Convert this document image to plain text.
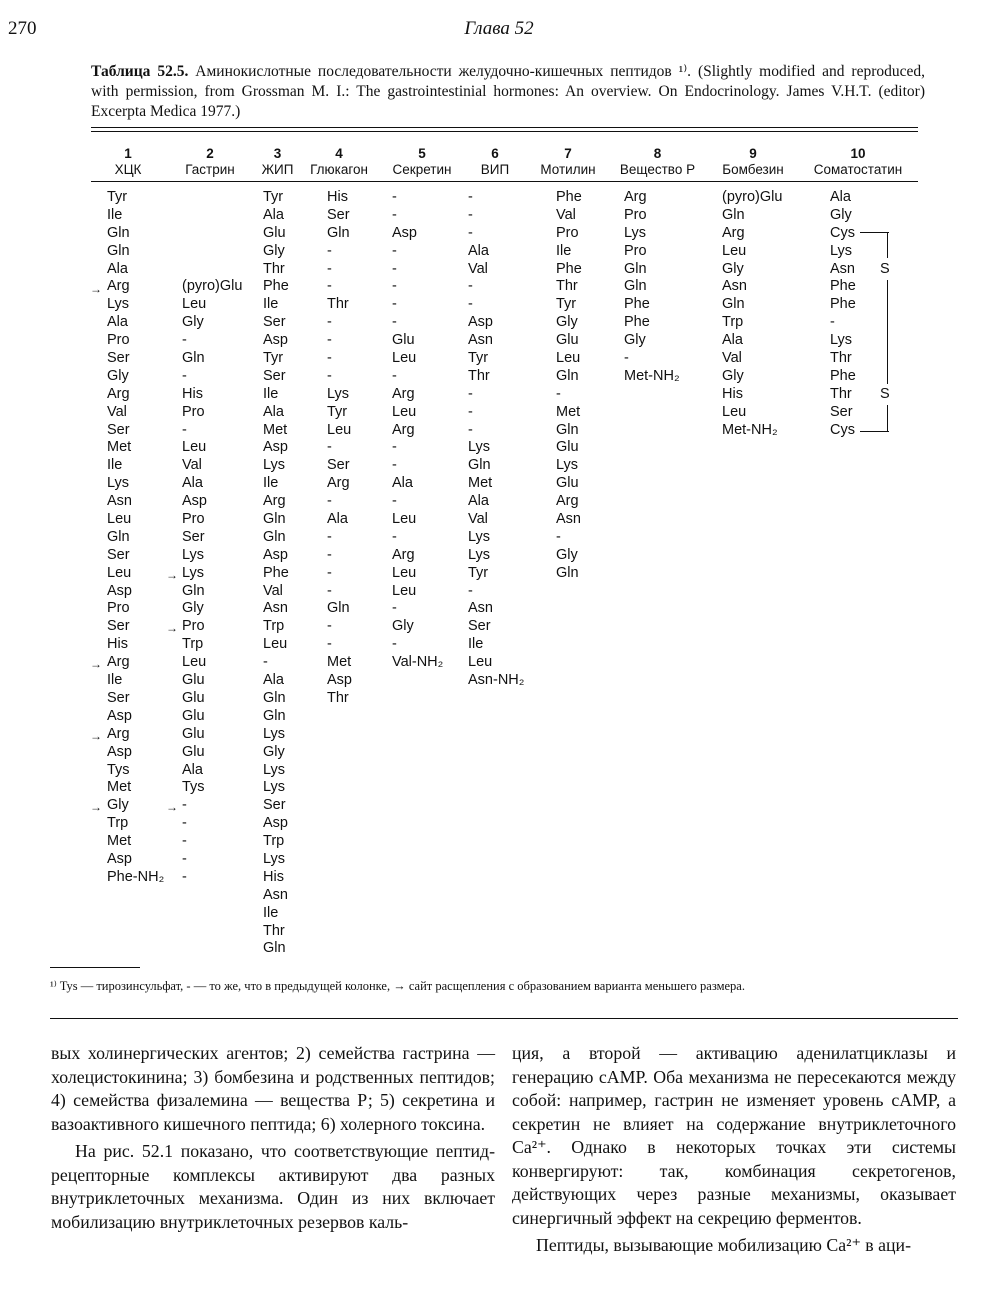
270	Глава 52
Таблица 52.5. Аминокислотные последовательности желудочно-кишечных пептидов ¹⁾. (Slightly modified and reproduced, with permission, from Grossman M. I.: The gastrointestinial hormones: An overview. On Endocrinology. James V.H.T. (editor) Excerpta Medica 1977.)
1
ХЦК
2
Гастрин
3
ЖИП
4
Глюкагон
5
Секретин
6
ВИП
7
Мотилин
8
Вещество Р
9
Бомбезин
10
Соматостатин
Tyr
Ile
Gln
Gln
Ala
Arg
Lys
Ala
Pro
Ser
Gly
Arg
Val
Ser
Met
Ile
Lys
Asn
Leu
Gln
Ser
Leu
Asp
Pro
Ser
His
Arg
Ile
Ser
Asp
Arg
Asp
Tys
Met
Gly
Trp
Met
Asp
Phe-NH₂
(pyro)Glu
Leu
Gly
-
Gln
-
His
Pro
-
Leu
Val
Ala
Asp
Pro
Ser
Lys
Lys
Gln
Gly
Pro
Trp
Leu
Glu
Glu
Glu
Glu
Glu
Ala
Tys
-
-
-
-
-
Tyr
Ala
Glu
Gly
Thr
Phe
Ile
Ser
Asp
Tyr
Ser
Ile
Ala
Met
Asp
Lys
Ile
Arg
Gln
Gln
Asp
Phe
Val
Asn
Trp
Leu
-
Ala
Gln
Gln
Lys
Gly
Lys
Lys
Ser
Asp
Trp
Lys
His
Asn
Ile
Thr
Gln
His
Ser
Gln
-
-
-
Thr
-
-
-
-
Lys
Tyr
Leu
-
Ser
Arg
-
Ala
-
-
-
-
Gln
-
-
Met
Asp
Thr
-
-
Asp
-
-
-
-
-
Glu
Leu
-
Arg
Leu
Arg
-
-
Ala
-
Leu
-
Arg
Leu
Leu
-
Gly
-
Val-NH₂
-
-
-
Ala
Val
-
-
Asp
Asn
Tyr
Thr
-
-
-
Lys
Gln
Met
Ala
Val
Lys
Lys
Tyr
-
Asn
Ser
Ile
Leu
Asn-NH₂
Phe
Val
Pro
Ile
Phe
Thr
Tyr
Gly
Glu
Leu
Gln
-
Met
Gln
Glu
Lys
Glu
Arg
Asn
-
Gly
Gln
Arg
Pro
Lys
Pro
Gln
Gln
Phe
Phe
Gly
-
Met-NH₂
(pyro)Glu
Gln
Arg
Leu
Gly
Asn
Gln
Trp
Ala
Val
Gly
His
Leu
Met-NH₂
Ala
Gly
Cys
Lys
Asn
Phe
Phe
-
Lys
Thr
Phe
Thr
Ser
Cys
→
→
→
→
→
→
→
S
S
¹⁾ Tys — тирозинсульфат, - — то же, что в предыдущей колонке, → сайт расщепления с образованием варианта меньшего размера.

вых холинергических агентов; 2) семейства гастрина — холецистокинина; 3) бомбезина и родственных пептидов; 4) семейства физалемина — вещества Р; 5) секретина и вазоактивного кишечного пептида; 6) холерного токсина.

На рис. 52.1 показано, что соответствующие пептид-рецепторные комплексы активируют два разных внутриклеточных механизма. Один из них включает мобилизацию внутриклеточных резервов каль-

ция, а второй — активацию аденилатциклазы и генерацию cAMP. Оба механизма не пересекаются между собой: например, гастрин не изменяет уровень cAMP, а секретин не влияет на содержание внутриклеточного Ca²⁺. Однако в некоторых точках эти системы конвергируют: так, комбинация секретогенов, действующих через разные механизмы, оказывает синергичный эффект на секрецию ферментов.

Пептиды, вызывающие мобилизацию Ca²⁺ в аци-
